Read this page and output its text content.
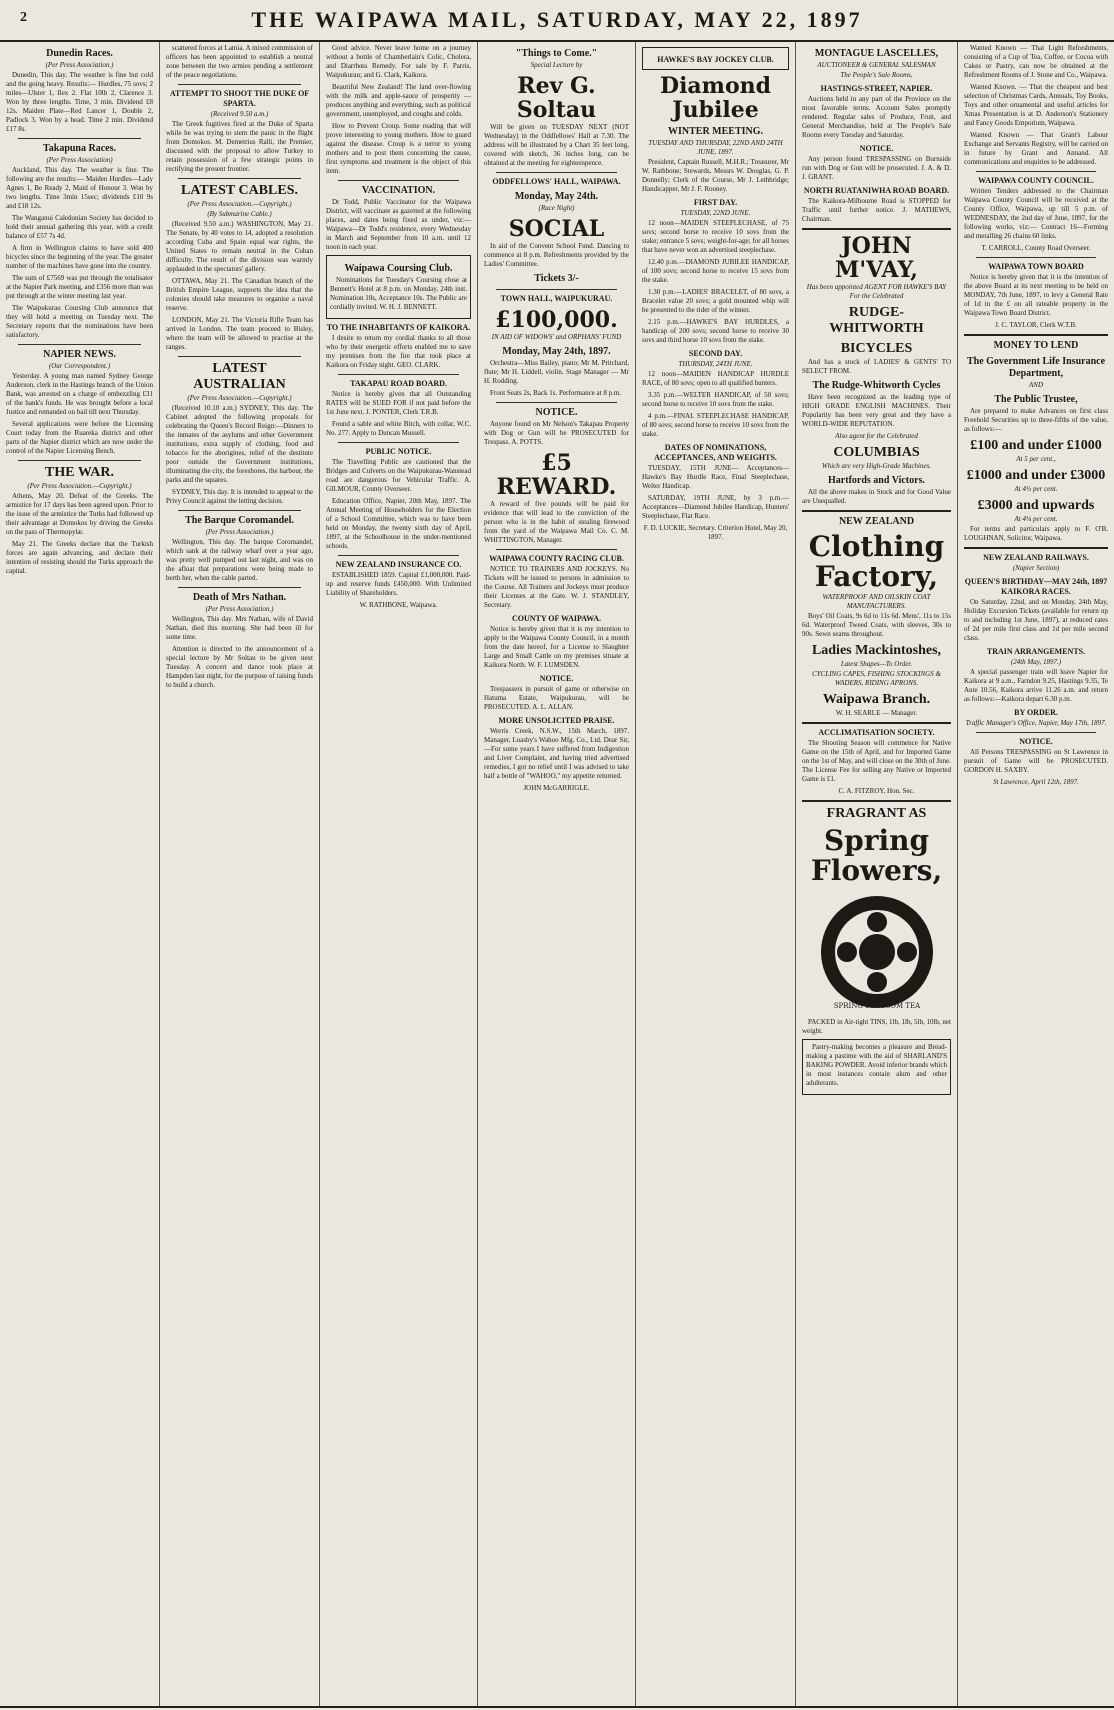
2	THE WAIPAWA MAIL, SATURDAY, MAY 22, 1897
Dunedin Races.
(Per Press Association.)

Dunedin, This day. The weather is fine but cold and the going heavy. Results:— Hurdles, 75 sovs; 2 miles—Ulster 1, Ilex 2. Flat 10lb 2, Clarence 3. Won by three lengths. Time, 3 min. Dividend £8 12s. Maiden Plate—Red Lancer 1, Double 2, Padlock 3. Won by a head. Time 2 min. Dividend £17 8s.

Takapuna Races.
(Per Press Association)

Auckland, This day. The weather is fine. The following are the results:— Maiden Hurdles—Lady Agnes 1, Be Ready 2, Maid of Honour 3. Won by two lengths. Time 3min 15sec; dividends £10 9s and £18 12s.

The Wanganui Caledonian Society has decided to hold their annual gathering this year, with a credit balance of £57 7s 4d.

A firm in Wellington claims to have sold 400 bicycles since the beginning of the year. The greater number of the machines have gone into the country.

The sum of £7569 was put through the totalisator at the Napier Park meeting, and £356 more than was put through at the winter meeting last year.

The Waipukurau Coursing Club announce that they will hold a meeting on Tuesday next. The Secretary reports that the nominations have been satisfactory.

NAPIER NEWS.
(Our Correspondent.)

Yesterday. A young man named Sydney George Anderson, clerk in the Hastings branch of the Union Bank, was arrested on a charge of embezzling £31 of the bank's funds. He was brought before a local Justice and remanded on bail till next Thursday.

Several applications were before the Licensing Court today from the Ruareka district and other parts of the Napier district which are now under the control of the Napier Licensing Bench.

THE WAR.
(Per Press Association.—Copyright.)

Athens, May 20. Defeat of the Greeks. The armistice for 17 days has been agreed upon. Prior to the issue of the armistice the Turks had followed up their advantage at Domokos by driving the Greeks on the pass of Thermopylæ.

May 21. The Greeks declare that the Turkish forces are again advancing, and declare their intention of resisting should the Turks approach the capital.

scattered forces at Lamia. A mixed commission of officers has been appointed to establish a neutral zone between the two armies pending a settlement of the peace negotiations.

ATTEMPT TO SHOOT THE DUKE OF SPARTA.
(Received 9.50 a.m.)

The Greek fugitives fired at the Duke of Sparta while he was trying to stem the panic in the flight from Domokos. M. Demetrius Ralli, the Premier, discussed with the proposal to allow Turkey to retain possession of a few strategic points in rectifying the present frontier.

LATEST CABLES.
(Per Press Association.—Copyright.)
(By Submarine Cable.)

(Received 9.50 a.m.) WASHINGTON, May 21. The Senate, by 40 votes to 14, adopted a resolution according Cuba and Spain equal war rights, the United States to remain neutral in the Cuban difficulty. The result of the division was warmly applauded in the spectators' gallery.

OTTAWA, May 21. The Canadian branch of the British Empire League, supports the idea that the colonies should take measures to organise a naval reserve.

LONDON, May 21. The Victoria Rifle Team has arrived in London. The team proceed to Bisley, where the team will be allowed to practise at the ranges.

LATEST AUSTRALIAN
(Per Press Association.—Copyright.)

(Received 10.10 a.m.) SYDNEY, This day. The Cabinet adopted the following proposals for celebrating the Queen's Record Reign:—Dinners to the inmates of the asylums and other Government institutions, extra supply of clothing, food and tobacco for the aborigines, relief of the destitute poor outside the Government institutions, illuminating the city, the foreshores, the harbour, the parks and the squares.

SYDNEY, This day. It is intended to appeal to the Privy Council against the letting decision.

The Barque Coromandel.
(Per Press Association.)

Wellington, This day. The barque Coromandel, which sank at the railway wharf over a year ago, was pretty well pumped out last night, and was on the afloat that preparations were being made to berth her, when the cable parted.

Death of Mrs Nathan.
(Per Press Association.)

Wellington, This day. Mrs Nathan, wife of David Nathan, died this morning. She had been ill for some time.

Attention is directed to the announcement of a special lecture by Mr Soltau to be given next Tuesday. A concert and dance took place at Hampden last night, for the purpose of raising funds to build a church.

Good advice. Never leave home on a journey without a bottle of Chamberlain's Colic, Cholera, and Diarrhœa Remedy. For sale by F. Parris, Waipukurau; and G. Clark, Kaikora.

Beautiful New Zealand! The land over-flowing with the milk and apple-sauce of prosperity — produces anything and everything, such as political government, unemployed, and coughs and colds.

How to Prevent Croup. Some reading that will prove interesting to young mothers. How to guard against the disease. Croup is a terror to young mothers and to post them concerning the cause, first symptoms and treatment is the object of this item.

VACCINATION.

Dr Todd, Public Vaccinator for the Waipawa District, will vaccinate as gazetted at the following places, and dates being fixed as under, viz:— Waipawa—Dr Todd's residence, every Wednesday in March and September from 10 a.m. until 12 noon in each year.

Waipawa Coursing Club.

Nominations for Tuesday's Coursing close at Bennett's Hotel at 8 p.m. on Monday, 24th inst. Nomination 10s, Acceptance 10s. The Public are cordially invited. W. H. J. BENNETT.

TO THE INHABITANTS OF KAIKORA.

I desire to return my cordial thanks to all those who by their energetic efforts enabled me to save my premises from the fire that took place at Kaikora on Friday night. GEO. CLARK.

TAKAPAU ROAD BOARD.

Notice is hereby given that all Outstanding RATES will be SUED FOR if not paid before the 1st June next. J. PONTER, Clerk T.R.B.

Found a sable and white Bitch, with collar, W.C. No. 277. Apply to Duncan Mussell.

PUBLIC NOTICE.

The Travelling Public are cautioned that the Bridges and Culverts on the Waipukurau-Wanstead road are dangerous for Vehicular Traffic. A. GILMOUR, County Overseer.

Education Office, Napier, 20th May, 1897. The Annual Meeting of Householders for the Election of a School Committee, which was to have been held on Monday, the twenty sixth day of April, 1897, at the Schoolhouse in the under-mentioned schools.

NEW ZEALAND INSURANCE CO.

ESTABLISHED 1859. Capital £1,000,000. Paid-up and reserve funds £450,000. With Unlimited Liability of Shareholders.

W. RATHBONE, Waipawa.
"Things to Come."
Special Lecture by
Rev G. Soltau

Will be given on TUESDAY NEXT (NOT Wednesday) in the Oddfellows' Hall at 7.30. The address will be illustrated by a Chart 35 feet long, covered with sketch, 36 inches long, can be obtained at the meeting for eighteenpence.

ODDFELLOWS' HALL, WAIPAWA.
Monday, May 24th.
(Race Night)
SOCIAL

In aid of the Convent School Fund. Dancing to commence at 8 p.m. Refreshments provided by the Ladies' Committee.

Tickets 3/-
TOWN HALL, WAIPUKURAU.
£100,000.
IN AID OF WIDOWS' and ORPHANS' FUND
Monday, May 24th, 1897.

Orchestra—Miss Bailey, piano; Mr M. Pritchard, flute; Mr H. Liddell, violin. Stage Manager — Mr H. Rodding.

Front Seats 2s, Back 1s. Performance at 8 p.m.

NOTICE.

Anyone found on Mr Nelson's Takapau Property with Dog or Gun will be PROSECUTED for Trespass. A. POTTS.

£5 REWARD.

A reward of five pounds will be paid for evidence that will lead to the conviction of the person who is in the habit of stealing firewood from the yard of the Waipawa Mail Co. C. M. WHITTINGTON, Manager.

WAIPAWA COUNTY RACING CLUB.

NOTICE TO TRAINERS AND JOCKEYS. No Tickets will be issued to persons in admission to the Course. All Trainers and Jockeys must produce their Licenses at the Gate. W. J. STANDLEY, Secretary.

COUNTY OF WAIPAWA.

Notice is hereby given that it is my intention to apply to the Waipawa County Council, in a month from the date hereof, for a License to Slaughter Large and Small Cattle on my premises situate at Kaikora North. W. F. LUMSDEN.

NOTICE.

Trespassers in pursuit of game or otherwise on Hatuma Estate, Waipukurau, will be PROSECUTED. A. L. ALLAN.

MORE UNSOLICITED PRAISE.

Werris Creek, N.S.W., 15th March, 1897. Manager, Loasby's Wahoo Mfg. Co., Ltd. Dear Sir,—For some years I have suffered from Indigestion and Liver Complaint, and having tried advertised remedies, I got no relief until I was advised to take half a bottle of "WAHOO," my appetite returned.

JOHN McGARRIGLE.
HAWKE'S BAY JOCKEY CLUB.
Diamond Jubilee
WINTER MEETING.
TUESDAY AND THURSDAY, 22ND AND 24TH JUNE, 1897.

President, Captain Russell, M.H.R.; Treasurer, Mr W. Rathbone; Stewards, Messrs W. Douglas, G. P. Donnelly; Clerk of the Course, Mr J. Lethbridge; Handicapper, Mr J. F. Rooney.

FIRST DAY.
TUESDAY, 22ND JUNE.

12 noon—MAIDEN STEEPLECHASE, of 75 sovs; second horse to receive 10 sovs from the stake; entrance 5 sovs; weight-for-age; for all horses that have never won an advertised steeplechase.

12.40 p.m.—DIAMOND JUBILEE HANDICAP, of 100 sovs; second horse to receive 15 sovs from the stake.

1.30 p.m.—LADIES' BRACELET, of 80 sovs, a Bracelet value 20 sovs; a gold mounted whip will be presented to the rider of the winner.

2.15 p.m.—HAWKE'S BAY HURDLES, a handicap of 200 sovs; second horse to receive 30 sovs and third horse 10 sovs from the stake.

SECOND DAY.
THURSDAY, 24TH JUNE.

12 noon—MAIDEN HANDICAP HURDLE RACE, of 80 sovs; open to all qualified hunters.

3.35 p.m.—WELTER HANDICAP, of 50 sovs; second horse to receive 10 sovs from the stake.

4 p.m.—FINAL STEEPLECHASE HANDICAP, of 80 sovs; second horse to receive 10 sovs from the stake.

DATES OF NOMINATIONS, ACCEPTANCES, AND WEIGHTS.

TUESDAY, 15TH JUNE— Acceptances—Hawke's Bay Hurdle Race, Final Steeplechase, Welter Handicap.

SATURDAY, 19TH JUNE, by 3 p.m.— Acceptances—Diamond Jubilee Handicap, Hunters' Steeplechase, Flat Race.

F. D. LUCKIE, Secretary. Criterion Hotel, May 20, 1897.
MONTAGUE LASCELLES,
AUCTIONEER & GENERAL SALESMAN
The People's Sale Rooms,
HASTINGS-STREET, NAPIER.

Auctions held in any part of the Province on the most favorable terms. Account Sales promptly rendered. Regular sales of Produce, Fruit, and General Merchandise, held at The People's Sale Rooms every Tuesday and Saturday.

NOTICE.

Any person found TRESPASSING on Burnside run with Dog or Gun will be prosecuted. J. A. & D. J. GRANT.

NORTH RUATANIWHA ROAD BOARD.

The Kaikora-Milbourne Road is STOPPED for Traffic until further notice. J. MATHEWS, Chairman.

JOHN M'VAY,
Has been appointed AGENT FOR HAWKE'S BAY For the Celebrated
RUDGE-WHITWORTH
BICYCLES

And has a stock of LADIES' & GENTS' TO SELECT FROM.

The Rudge-Whitworth Cycles

Have been recognized as the leading type of HIGH GRADE ENGLISH MACHINES. Their Popularity has been very great and they have a WORLD-WIDE REPUTATION.

Also agent for the Celebrated
COLUMBIAS
Which are very High-Grade Machines.
Hartfords and Victors.

All the above makes in Stock and for Good Value are Unequalled.

NEW ZEALAND
Clothing Factory,
WATERPROOF AND OILSKIN COAT MANUFACTURERS.

Boys' Oil Coats, 9s 6d to 11s 6d. Mens', 11s to 15s 6d. Waterproof Tweed Coats, with sleeves, 30s to 90s. Sewn seams throughout.

Ladies Mackintoshes,
Latest Shapes—To Order.
CYCLING CAPES, FISHING STOCKINGS & WADERS, RIDING APRONS.
Waipawa Branch.
W. H. SEARLE — Manager.
ACCLIMATISATION SOCIETY.

The Shooting Season will commence for Native Game on the 15th of April, and for Imported Game on the 1st of May, and will close on the 30th of June. The License Fee for selling any Native or Imported Game is £1.

C. A. FITZROY, Hon. Sec.
FRAGRANT AS
Spring Flowers,
SPRING BLOSSOM TEA

PACKED in Air-tight TINS, 1lb, 1lb, 5lb, 10lb, net weight.

Pastry-making becomes a pleasure and Bread-making a pastime with the aid of SHARLAND'S BAKING POWDER. Avoid inferior brands which in most instances contain alum and other adulterants.

Wanted Known — That Light Refreshments, consisting of a Cup of Tea, Coffee, or Cocoa with Cakes or Pastry, can now be obtained at the Refreshment Rooms of J. Stone and Co., Waipawa.

Wanted Known. — That the cheapest and best selection of Christmas Cards, Annuals, Toy Books, Toys and other ornamental and useful articles for Xmas Presentation is at D. Anderson's Stationery and Fancy Goods Emporium, Waipawa.

Wanted Known — That Grant's Labour Exchange and Servants Registry, will be carried on in future by Grant and Annand. All communications and enquiries to be addressed.

WAIPAWA COUNTY COUNCIL.

Written Tenders addressed to the Chairman Waipawa County Council will be received at the County Office, Waipawa, up till 5 p.m. of WEDNESDAY, the 2nd day of June, 1897, for the following works, viz:— Contract 16—Forming and metalling 26 chains 60 links.

T. CARROLL, County Road Overseer.
WAIPAWA TOWN BOARD

Notice is hereby given that it is the intention of the above Board at its next meeting to be held on MONDAY, 7th June, 1897, to levy a General Rate of 1d in the £ on all rateable property in the Waipawa Town Board District.

J. C. TAYLOR, Clerk W.T.B.
MONEY TO LEND
The Government Life Insurance Department,
AND
The Public Trustee,

Are prepared to make Advances on first class Freehold Securities up to three-fifths of the value, as follows:—

£100 and under £1000
At 5 per cent.,
£1000 and under £3000
At 4½ per cent.
£3000 and upwards
At 4¼ per cent.

For terms and particulars apply to F. O'B. LOUGHNAN, Solicitor, Waipawa.

NEW ZEALAND RAILWAYS.
(Napier Section)
QUEEN'S BIRTHDAY—MAY 24th, 1897 KAIKORA RACES.

On Saturday, 22nd, and on Monday, 24th May, Holiday Excursion Tickets (available for return up to and including 1st June, 1897), at reduced rates of 2d per mile first class and 1d per mile second class.

TRAIN ARRANGEMENTS.
(24th May, 1897.)

A special passenger train will leave Napier for Kaikora at 9 a.m., Farndon 9.25, Hastings 9.35, Te Aute 10.56, Kaikora arrive 11.26 a.m. and return as follows:—Kaikora depart 6.30 p.m.

BY ORDER.
Traffic Manager's Office, Napier, May 17th, 1897.
NOTICE.

All Persons TRESPASSING on St Lawrence in pursuit of Game will be PROSECUTED. GORDON H. SAXBY.

St Lawrence, April 12th, 1897.
